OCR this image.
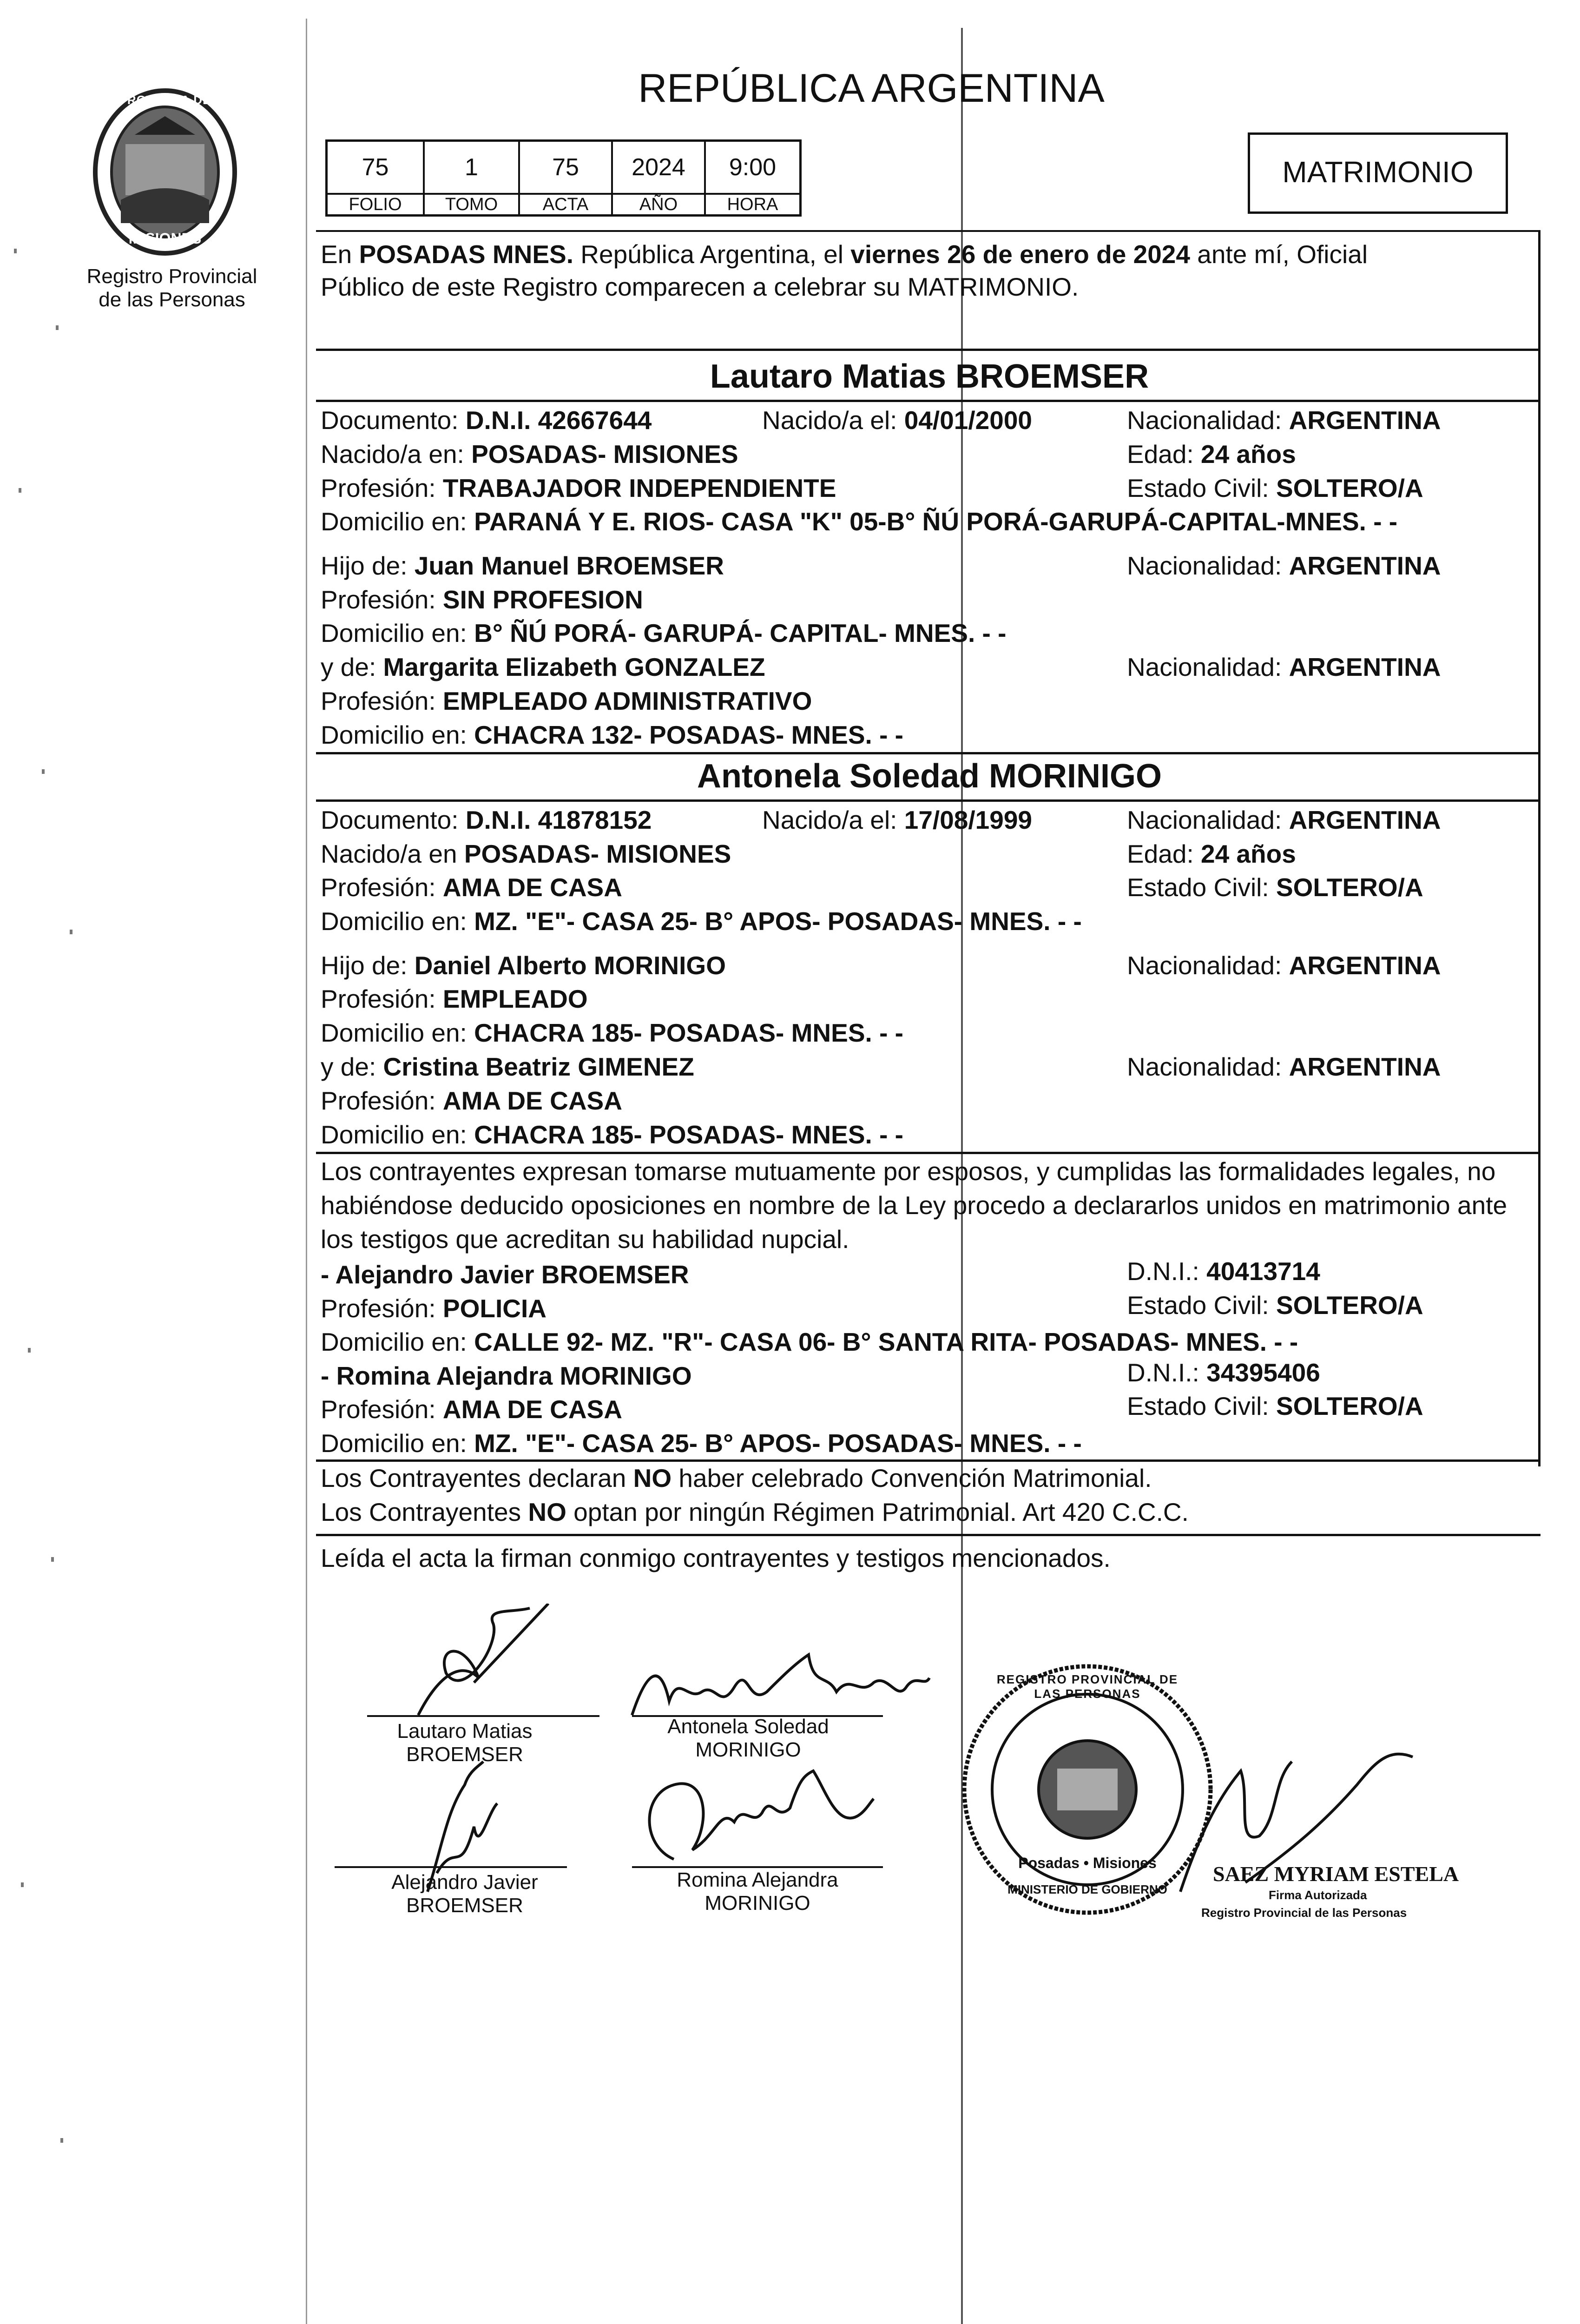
PROVINCIA DE
MISIONES
Registro Provincial
de las Personas
REPÚBLICA ARGENTINA
75	1	75	2024	9:00
FOLIO	TOMO	ACTA	AÑO	HORA
MATRIMONIO
En POSADAS MNES. República Argentina, el viernes 26 de enero de 2024 ante mí, Oficial
Público de este Registro comparecen a celebrar su MATRIMONIO.
Lautaro Matias BROEMSER
Documento: D.N.I. 42667644	Nacido/a el: 04/01/2000	Nacionalidad: ARGENTINA
Nacido/a en: POSADAS- MISIONES	Edad: 24 años
Profesión: TRABAJADOR INDEPENDIENTE	Estado Civil: SOLTERO/A
Domicilio en: PARANÁ Y E. RIOS- CASA "K" 05-B° ÑÚ PORÁ-GARUPÁ-CAPITAL-MNES. - -
Hijo de: Juan Manuel BROEMSER	Nacionalidad: ARGENTINA
Profesión: SIN PROFESION
Domicilio en: B° ÑÚ PORÁ- GARUPÁ- CAPITAL- MNES. - -
y de: Margarita Elizabeth GONZALEZ	Nacionalidad: ARGENTINA
Profesión: EMPLEADO ADMINISTRATIVO
Domicilio en: CHACRA 132- POSADAS- MNES. - -
Antonela Soledad MORINIGO
Documento: D.N.I. 41878152	Nacido/a el: 17/08/1999	Nacionalidad: ARGENTINA
Nacido/a en POSADAS- MISIONES	Edad: 24 años
Profesión: AMA DE CASA	Estado Civil: SOLTERO/A
Domicilio en: MZ. "E"- CASA 25- B° APOS- POSADAS- MNES. - -
Hijo de: Daniel Alberto MORINIGO	Nacionalidad: ARGENTINA
Profesión: EMPLEADO
Domicilio en: CHACRA 185- POSADAS- MNES. - -
y de: Cristina Beatriz GIMENEZ	Nacionalidad: ARGENTINA
Profesión: AMA DE CASA
Domicilio en: CHACRA 185- POSADAS- MNES. - -
Los contrayentes expresan tomarse mutuamente por esposos, y cumplidas las formalidades legales, no
habiéndose deducido oposiciones en nombre de la Ley procedo a declararlos unidos en matrimonio ante
los testigos que acreditan su habilidad nupcial.
- Alejandro Javier BROEMSER	D.N.I.: 40413714
Profesión: POLICIA	Estado Civil: SOLTERO/A
Domicilio en: CALLE 92- MZ. "R"- CASA 06- B° SANTA RITA- POSADAS- MNES. - -
- Romina Alejandra MORINIGO	D.N.I.: 34395406
Profesión: AMA DE CASA	Estado Civil: SOLTERO/A
Domicilio en: MZ. "E"- CASA 25- B° APOS- POSADAS- MNES. - -
Los Contrayentes declaran NO haber celebrado Convención Matrimonial.
Los Contrayentes NO optan por ningún Régimen Patrimonial. Art 420 C.C.C.
Leída el acta la firman conmigo contrayentes y testigos mencionados.
Lautaro Matias
BROEMSER
Antonela Soledad
MORINIGO
Alejandro Javier
BROEMSER
Romina Alejandra
MORINIGO
REGISTRO PROVINCIAL DE LAS PERSONAS
Posadas • Misiones
MINISTERIO DE GOBIERNO
SAEZ MYRIAM ESTELA
Firma Autorizada
Registro Provincial de las Personas
